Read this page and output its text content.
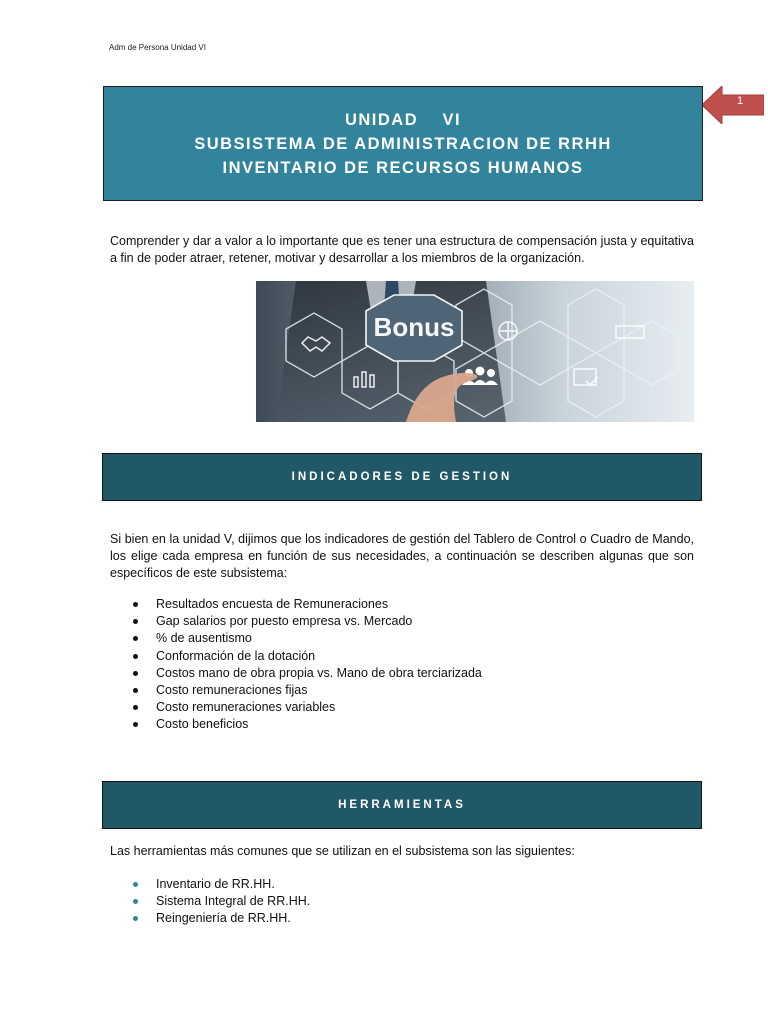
Adm de Persona Unidad VI
1
UNIDAD    VI
SUBSISTEMA DE ADMINISTRACION DE RRHH
INVENTARIO DE RECURSOS HUMANOS
Comprender y dar a valor a lo importante que es tener una estructura de compensación justa y equitativa a fin de poder atraer, retener, motivar y desarrollar a los miembros de la organización.
Bonus
INDICADORES DE GESTION
Si bien en la unidad V, dijimos que los indicadores de gestión del Tablero de Control o Cuadro de Mando, los elige cada empresa en función de sus necesidades, a continuación se describen algunas que son específicos de este subsistema:
Resultados encuesta de Remuneraciones
Gap salarios por puesto empresa vs. Mercado
% de ausentismo
Conformación de la dotación
Costos mano de obra propia vs. Mano de obra terciarizada
Costo remuneraciones fijas
Costo remuneraciones variables
Costo beneficios
HERRAMIENTAS
Las herramientas más comunes que se utilizan en el subsistema son las siguientes:
Inventario de RR.HH.
Sistema Integral de RR.HH.
Reingeniería de RR.HH.
